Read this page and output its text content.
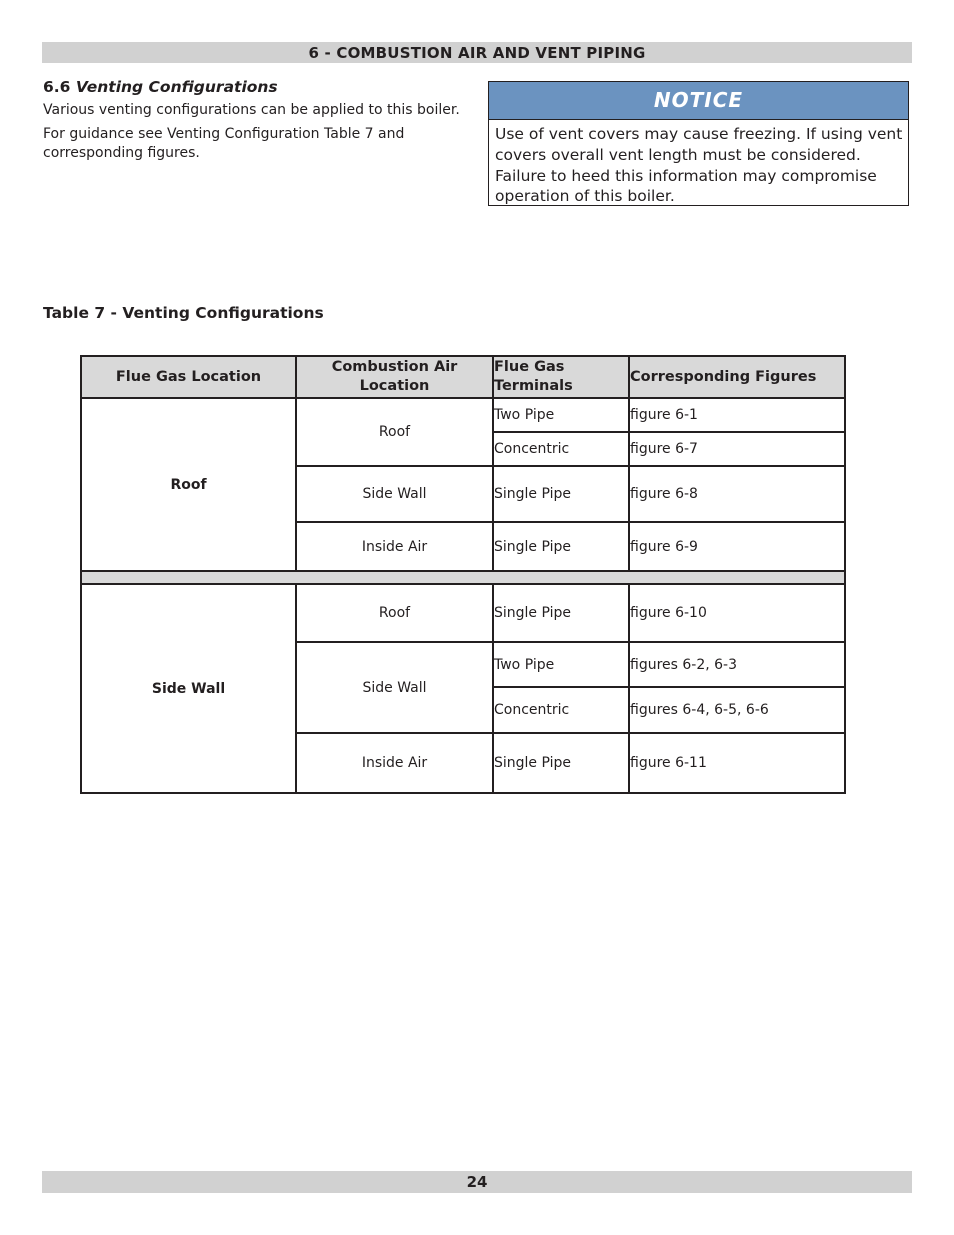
6 - COMBUSTION AIR AND VENT PIPING
6.6 Venting Configurations
Various venting configurations can be applied to this boiler.
For guidance see Venting Configuration Table 7 and corresponding figures.
NOTICE
Use of vent covers may cause freezing. If using vent covers overall vent length must be considered. Failure to heed this information may compromise operation of this boiler.
Table 7 - Venting Configurations
Flue Gas Location	Combustion Air Location	Flue Gas Terminals	Corresponding Figures
Roof	Roof	Two Pipe	figure 6-1
		Concentric	figure 6-7
	Side Wall	Single Pipe	figure 6-8
	Inside Air	Single Pipe	figure 6-9

Side Wall	Roof	Single Pipe	figure 6-10
	Side Wall	Two Pipe	figures 6-2, 6-3
		Concentric	figures 6-4, 6-5, 6-6
	Inside Air	Single Pipe	figure 6-11
24
